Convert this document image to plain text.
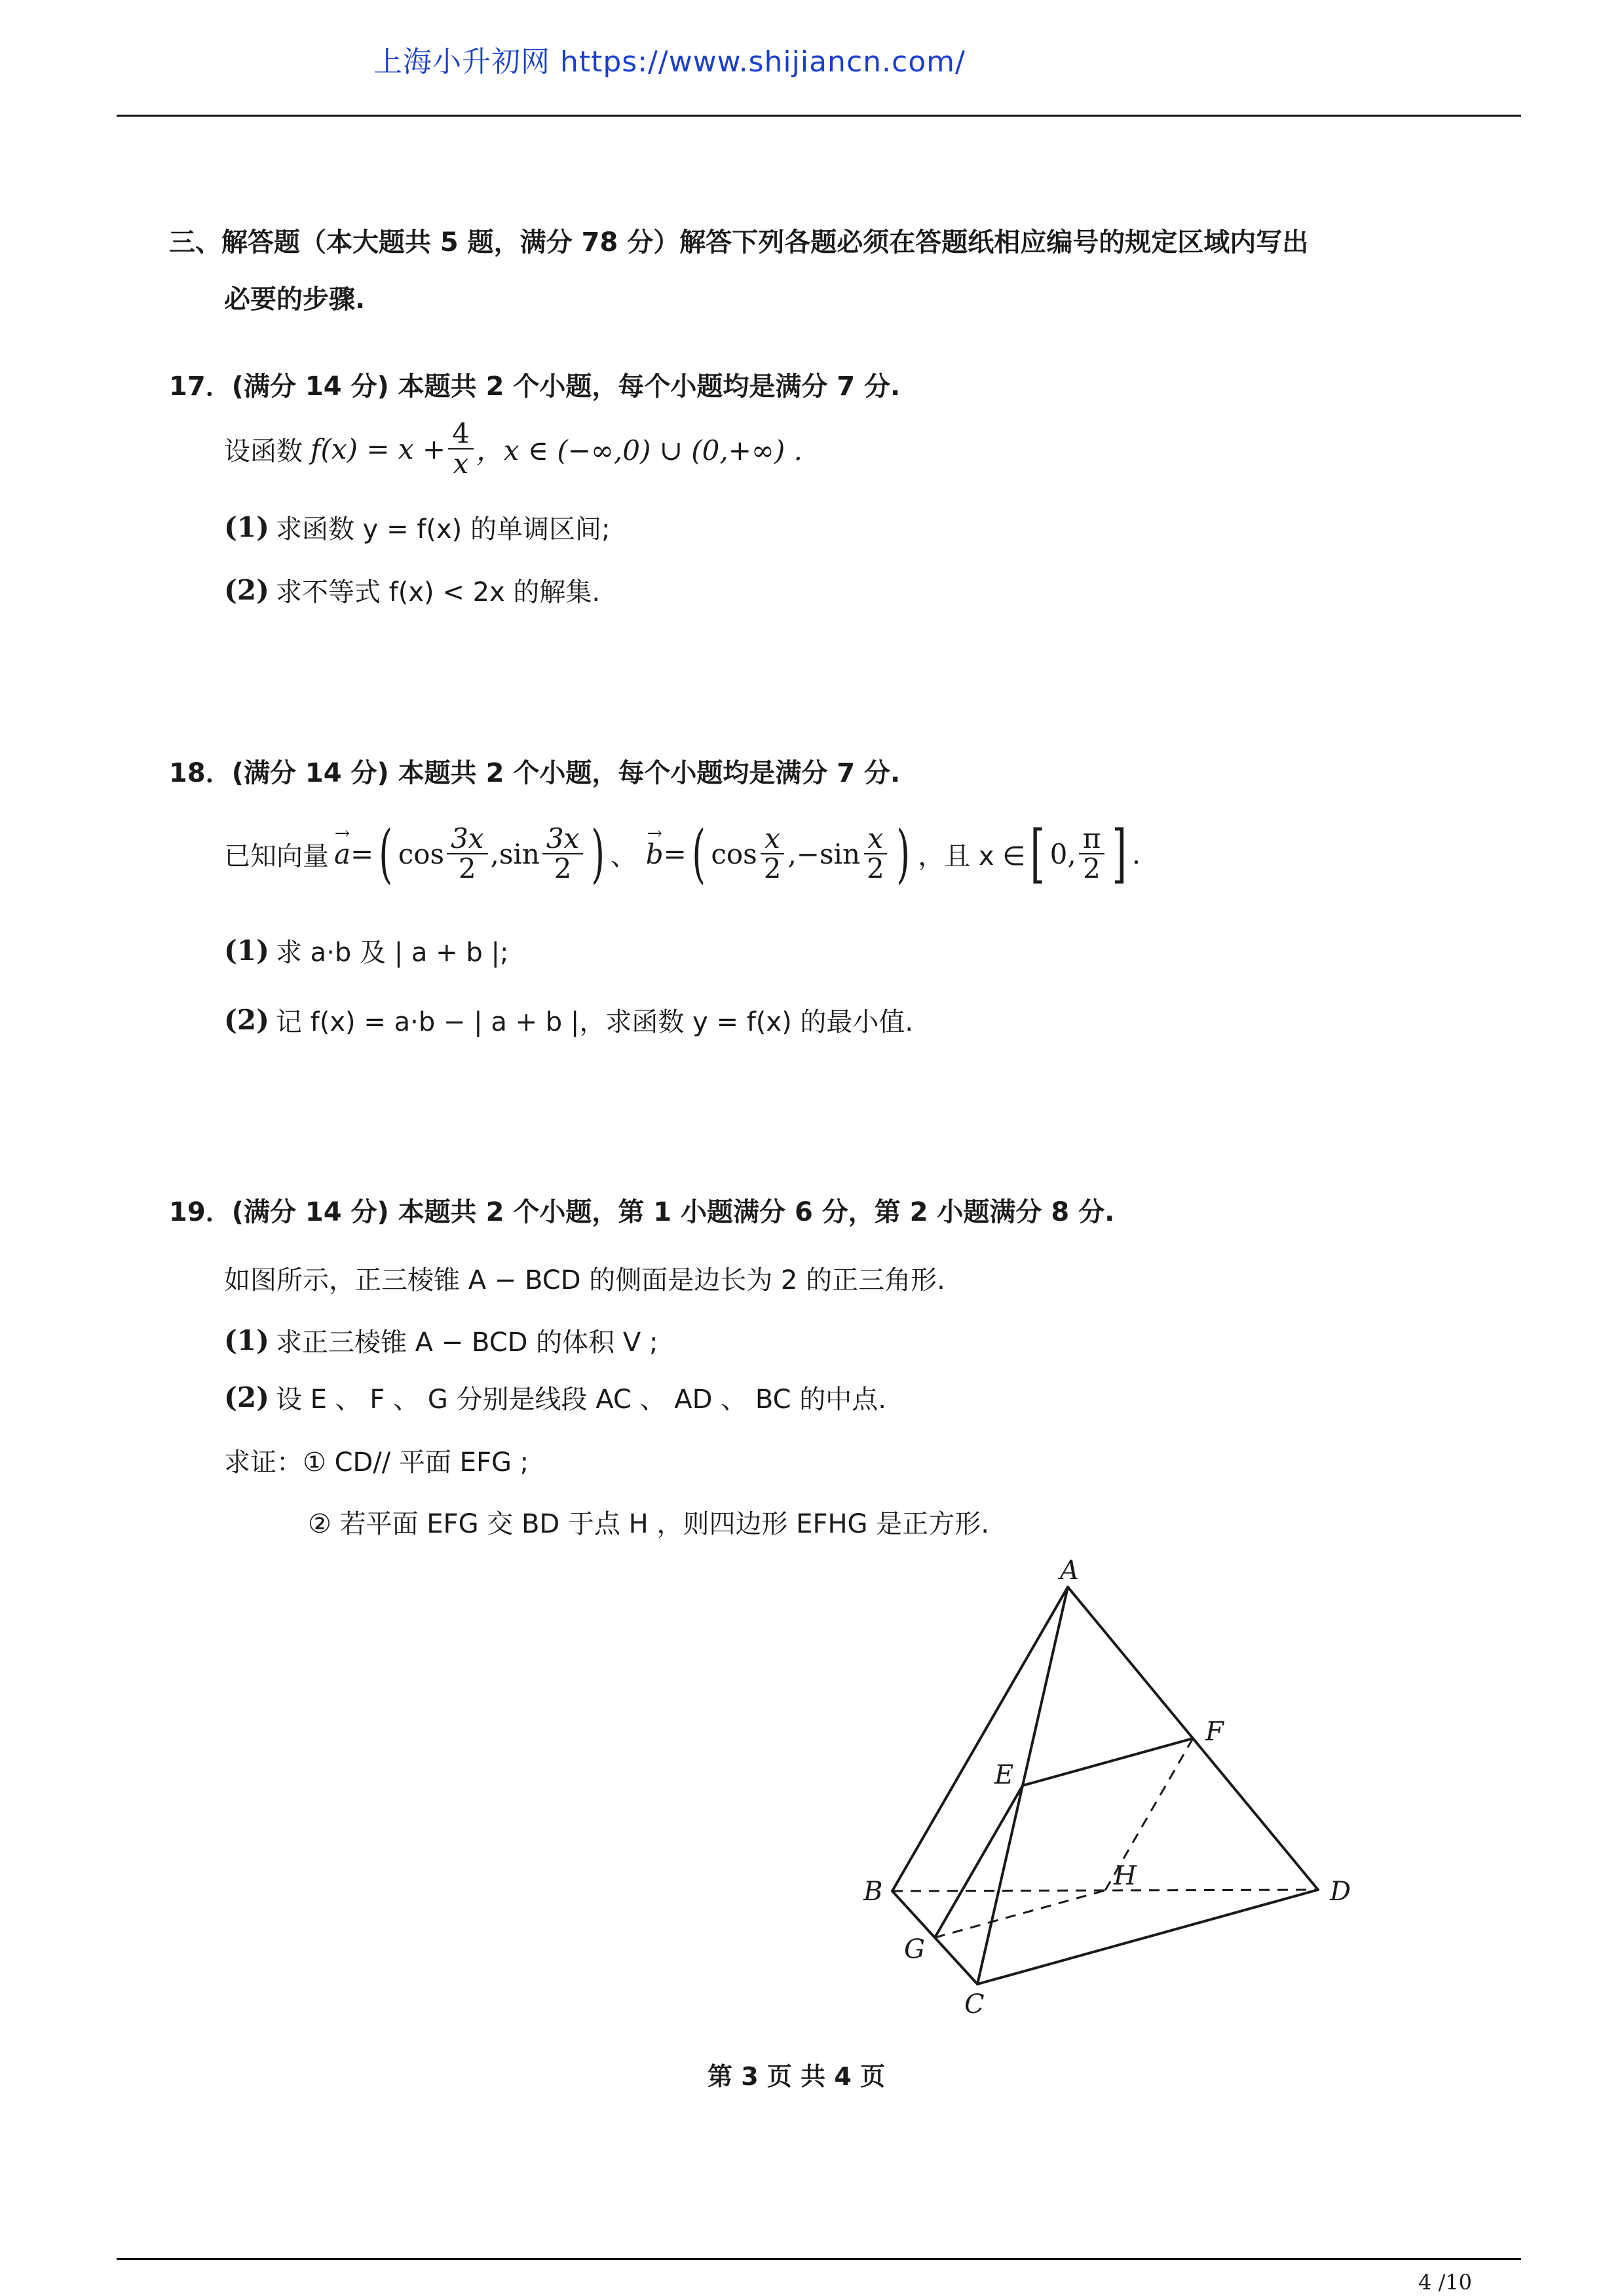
上海小升初网 https://www.shijiancn.com/
三、解答题（本大题共 5 题，满分 78 分）解答下列各题必须在答题纸相应编号的规定区域内写出
必要的步骤.
17．(满分 14 分) 本题共 2 个小题，每个小题均是满分 7 分.
设函数 $f(x) = x + \frac{4}{x}$ ，x ∈ (−∞,0) ∪ (0,+∞) .
(1) 求函数 y = f(x) 的单调区间;
(2) 求不等式 f(x) < 2x 的解集.
18．(满分 14 分) 本题共 2 个小题，每个小题均是满分 7 分.
已知向量 → a = ( $\cos \frac{3x}{2}$ , $\sin \frac{3x}{2}$ ) 、 → b = ( $\cos \frac{x}{2} ,-\sin \frac{x}{2}$ ) ，且 x ∈ [ 0, $\frac{\pi}{2}$ ] .
(1) 求 a·b 及 | a + b |;
(2) 记 f(x) = a·b − | a + b |，求函数 y = f(x) 的最小值.
19．(满分 14 分) 本题共 2 个小题，第 1 小题满分 6 分，第 2 小题满分 8 分.
如图所示，正三棱锥 A − BCD 的侧面是边长为 2 的正三角形.
(1) 求正三棱锥 A − BCD 的体积 V ;
(2) 设 E 、 F 、 G 分别是线段 AC 、 AD 、 BC 的中点.
求证：① CD// 平面 EFG ;
② 若平面 EFG 交 BD 于点 H ，则四边形 EFHG 是正方形.
A
B
C
D
E
F
G
H
第 3 页 共 4 页
4 /10
